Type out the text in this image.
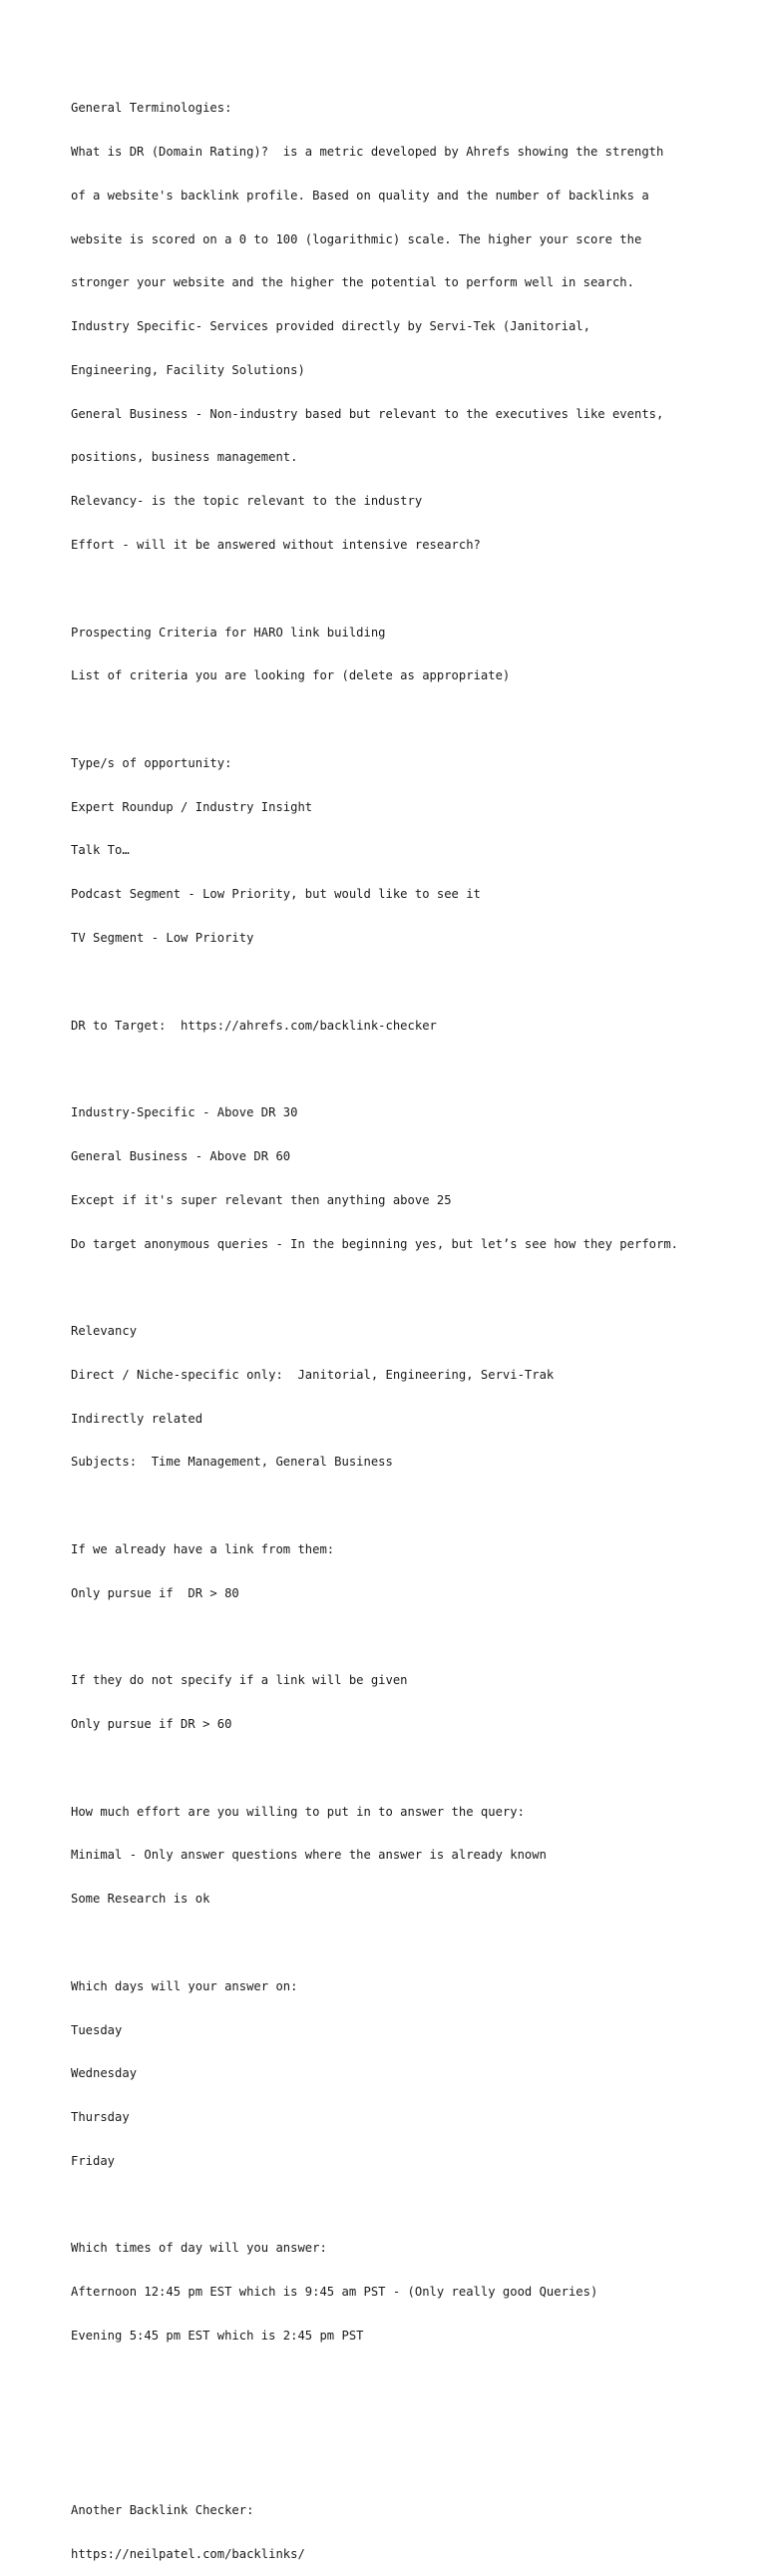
General Terminologies:

What is DR (Domain Rating)?  is a metric developed by Ahrefs showing the strength

of a website's backlink profile. Based on quality and the number of backlinks a

website is scored on a 0 to 100 (logarithmic) scale. The higher your score the

stronger your website and the higher the potential to perform well in search.

Industry Specific- Services provided directly by Servi-Tek (Janitorial,

Engineering, Facility Solutions)

General Business - Non-industry based but relevant to the executives like events,

positions, business management.

Relevancy- is the topic relevant to the industry

Effort - will it be answered without intensive research?

Prospecting Criteria for HARO link building

List of criteria you are looking for (delete as appropriate)

Type/s of opportunity:

Expert Roundup / Industry Insight

Talk To…

Podcast Segment - Low Priority, but would like to see it

TV Segment - Low Priority

DR to Target:  https://ahrefs.com/backlink-checker

Industry-Specific - Above DR 30

General Business - Above DR 60

Except if it's super relevant then anything above 25

Do target anonymous queries - In the beginning yes, but let’s see how they perform.

Relevancy

Direct / Niche-specific only:  Janitorial, Engineering, Servi-Trak

Indirectly related

Subjects:  Time Management, General Business

If we already have a link from them:

Only pursue if  DR > 80

If they do not specify if a link will be given

Only pursue if DR > 60

How much effort are you willing to put in to answer the query:

Minimal - Only answer questions where the answer is already known

Some Research is ok

Which days will your answer on:

Tuesday

Wednesday

Thursday

Friday

Which times of day will you answer:

Afternoon 12:45 pm EST which is 9:45 am PST - (Only really good Queries)

Evening 5:45 pm EST which is 2:45 pm PST

Another Backlink Checker:

https://neilpatel.com/backlinks/
